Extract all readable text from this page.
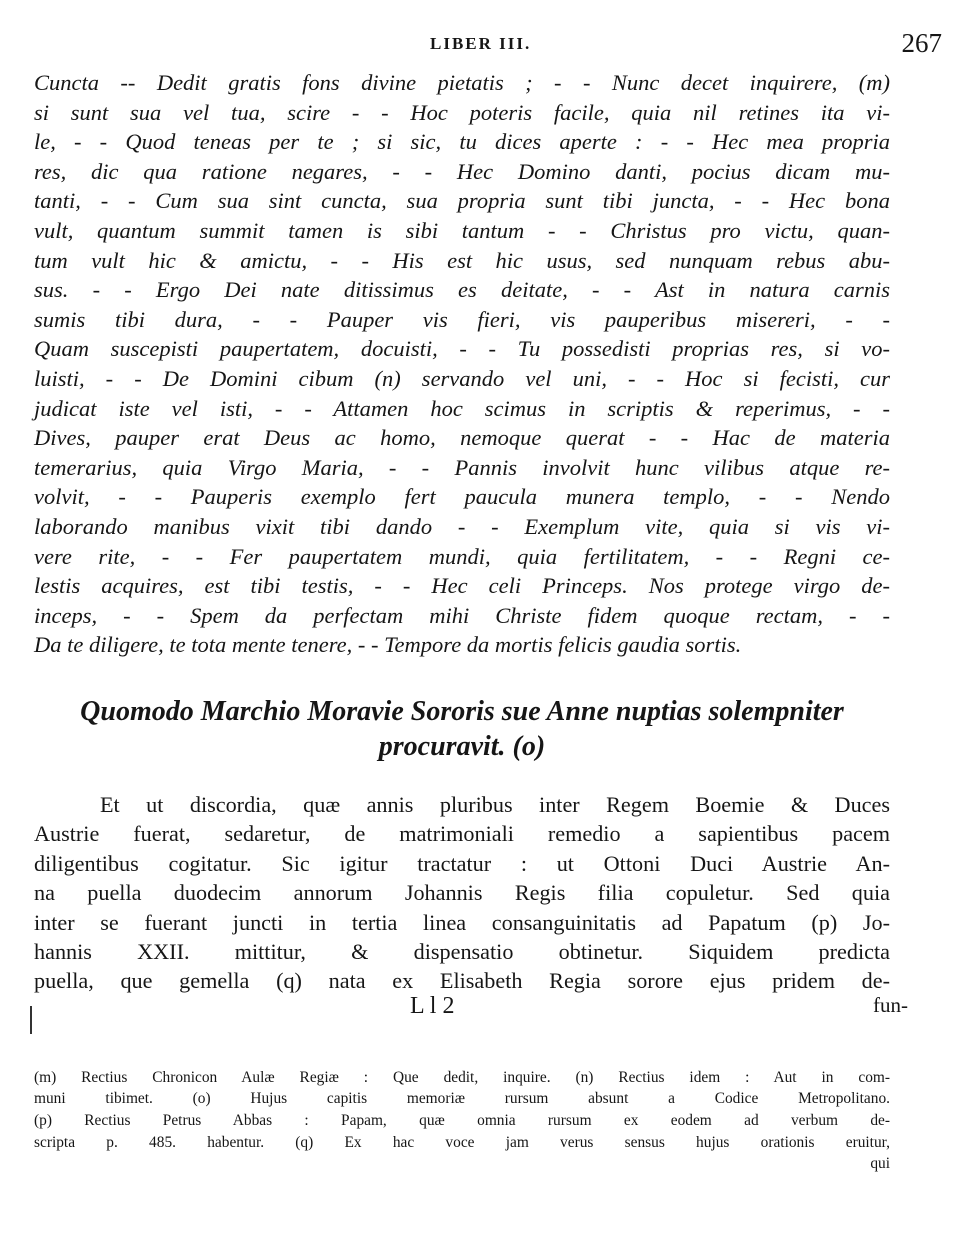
LIBER III.	267
Cuncta -- Dedit gratis fons divine pietatis ; - - Nunc decet inquirere, (m)
si sunt sua vel tua, scire - - Hoc poteris facile, quia nil retines ita vi-
le, - - Quod teneas per te ; si sic, tu dices aperte : - - Hec mea propria
res, dic qua ratione negares, - - Hec Domino danti, pocius dicam mu-
tanti, - - Cum sua sint cuncta, sua propria sunt tibi juncta, - - Hec bona
vult, quantum summit tamen is sibi tantum - - Christus pro victu, quan-
tum vult hic & amictu, - - His est hic usus, sed nunquam rebus abu-
sus. - - Ergo Dei nate ditissimus es deitate, - - Ast in natura carnis
sumis tibi dura, - - Pauper vis fieri, vis pauperibus misereri, - -
Quam suscepisti paupertatem, docuisti, - - Tu possedisti proprias res, si vo-
luisti, - - De Domini cibum (n) servando vel uni, - - Hoc si fecisti, cur
judicat iste vel isti, - - Attamen hoc scimus in scriptis & reperimus, - -
Dives, pauper erat Deus ac homo, nemoque querat - - Hac de materia
temerarius, quia Virgo Maria, - - Pannis involvit hunc vilibus atque re-
volvit, - - Pauperis exemplo fert paucula munera templo, - - Nendo
laborando manibus vixit tibi dando - - Exemplum vite, quia si vis vi-
vere rite, - - Fer paupertatem mundi, quia fertilitatem, - - Regni ce-
lestis acquires, est tibi testis, - - Hec celi Princeps. Nos protege virgo de-
inceps, - - Spem da perfectam mihi Christe fidem quoque rectam, - -
Da te diligere, te tota mente tenere, - - Tempore da mortis felicis gaudia sortis.
Quomodo Marchio Moravie Sororis sue Anne nuptias solempniter
procuravit. (o)
Et ut discordia, quæ annis pluribus inter Regem Boemie & Duces
Austrie fuerat, sedaretur, de matrimoniali remedio a sapientibus pacem
diligentibus cogitatur. Sic igitur tractatur : ut Ottoni Duci Austrie An-
na puella duodecim annorum Johannis Regis filia copuletur. Sed quia
inter se fuerant juncti in tertia linea consanguinitatis ad Papatum (p) Jo-
hannis XXII. mittitur, & dispensatio obtinetur. Siquidem predicta
puella, que gemella (q) nata ex Elisabeth Regia sorore ejus pridem de-
L l 2	fun-
(m) Rectius Chronicon Aulæ Regiæ : Que dedit, inquire. (n) Rectius idem : Aut in com-
muni tibimet. (o) Hujus capitis memoriæ rursum absunt a Codice Metropolitano.
(p) Rectius Petrus Abbas : Papam, quæ omnia rursum ex eodem ad verbum de-
scripta p. 485. habentur. (q) Ex hac voce jam verus sensus hujus orationis eruitur,
qui
